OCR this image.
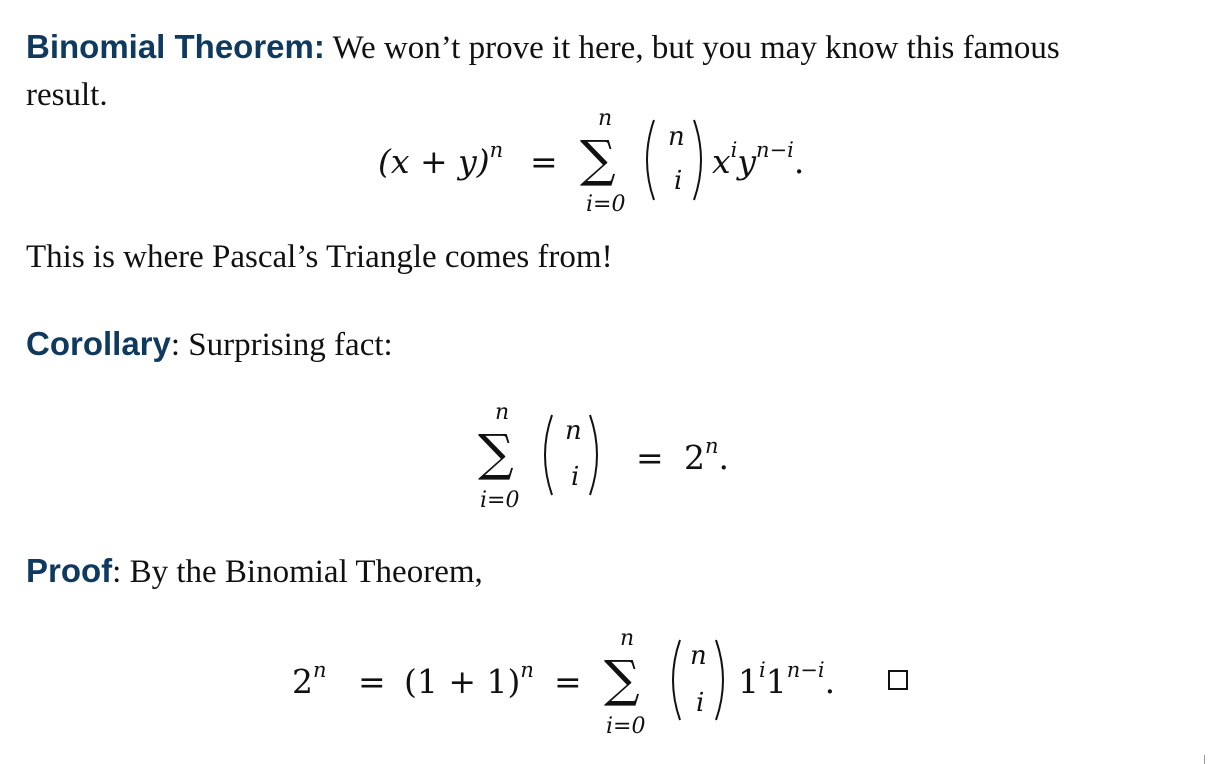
Binomial Theorem: We won’t prove it here, but you may know this famous
result.

$(x + y)^n$ =
n
∑
i=0
n
i $x^iy^{n-i}$.

This is where Pascal’s Triangle comes from!

Corollary: Surprising fact:

n
∑
i=0
n
$i = 2^n$.

Proof: By the Binomial Theorem,

$2^n = (1 + 1)^n$ =
n
∑
i=0
n
i
$1^i1^{n-i}$.
